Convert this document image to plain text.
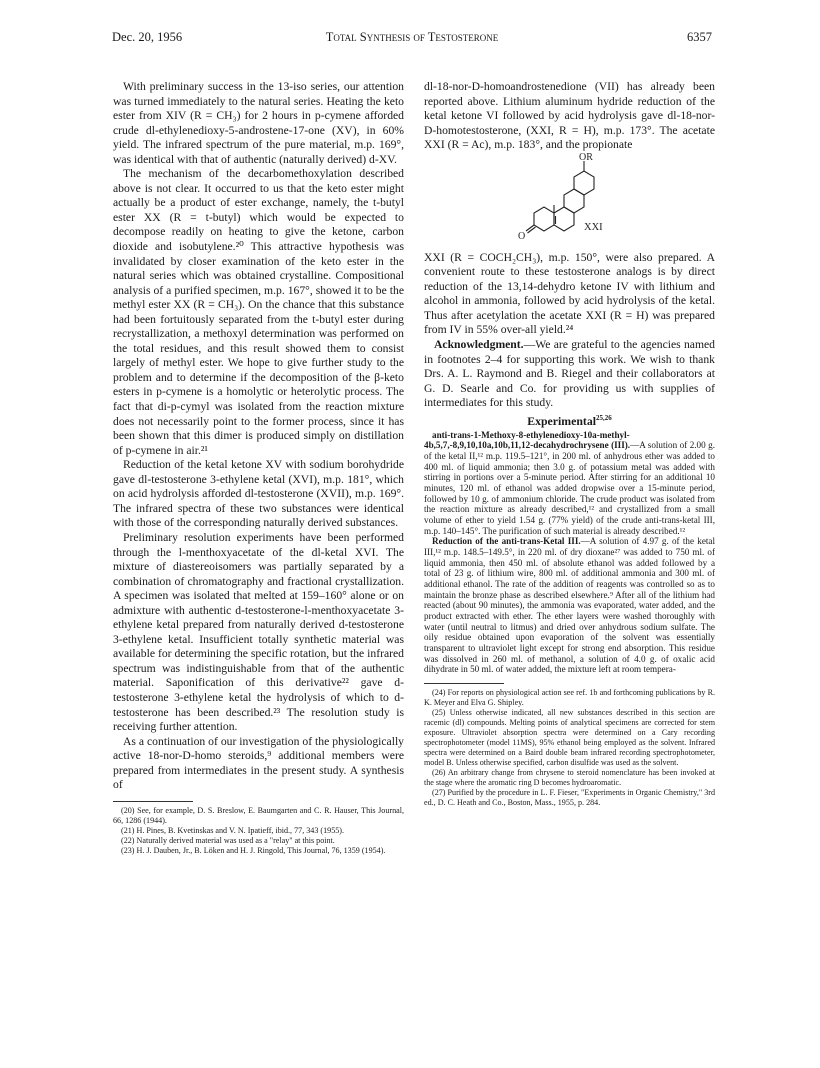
Dec. 20, 1956	Total Synthesis of Testosterone	6357

With preliminary success in the 13-iso series, our attention was turned immediately to the natural series. Heating the keto ester from XIV (R = CH₃) for 2 hours in p-cymene afforded crude dl-ethylenedioxy-5-androstene-17-one (XV), in 60% yield. The infrared spectrum of the pure material, m.p. 169°, was identical with that of authentic (naturally derived) d-XV.

The mechanism of the decarbomethoxylation described above is not clear. It occurred to us that the keto ester might actually be a product of ester exchange, namely, the t-butyl ester XX (R = t-butyl) which would be expected to decompose readily on heating to give the ketone, carbon dioxide and isobutylene.²⁰ This attractive hypothesis was invalidated by closer examination of the keto ester in the natural series which was obtained crystalline. Compositional analysis of a purified specimen, m.p. 167°, showed it to be the methyl ester XX (R = CH₃). On the chance that this substance had been fortuitously separated from the t-butyl ester during recrystallization, a methoxyl determination was performed on the total residues, and this result showed them to consist largely of methyl ester. We hope to give further study to the problem and to determine if the decomposition of the β-keto esters in p-cymene is a homolytic or heterolytic process. The fact that di-p-cymyl was isolated from the reaction mixture does not necessarily point to the former process, since it has been shown that this dimer is produced simply on distillation of p-cymene in air.²¹

Reduction of the ketal ketone XV with sodium borohydride gave dl-testosterone 3-ethylene ketal (XVI), m.p. 181°, which on acid hydrolysis afforded dl-testosterone (XVII), m.p. 169°. The infrared spectra of these two substances were identical with those of the corresponding naturally derived substances.

Preliminary resolution experiments have been performed through the l-menthoxyacetate of the dl-ketal XVI. The mixture of diastereoisomers was partially separated by a combination of chromatography and fractional crystallization. A specimen was isolated that melted at 159–160° alone or on admixture with authentic d-testosterone-l-menthoxyacetate 3-ethylene ketal prepared from naturally derived d-testosterone 3-ethylene ketal. Insufficient totally synthetic material was available for determining the specific rotation, but the infrared spectrum was indistinguishable from that of the authentic material. Saponification of this derivative²² gave d-testosterone 3-ethylene ketal the hydrolysis of which to d-testosterone has been described.²³ The resolution study is receiving further attention.

As a continuation of our investigation of the physiologically active 18-nor-D-homo steroids,⁹ additional members were prepared from intermediates in the present study. A synthesis of

(20) See, for example, D. S. Breslow, E. Baumgarten and C. R. Hauser, This Journal, 66, 1286 (1944).

(21) H. Pines, B. Kvetinskas and V. N. Ipatieff, ibid., 77, 343 (1955).

(22) Naturally derived material was used as a "relay" at this point.

(23) H. J. Dauben, Jr., B. Löken and H. J. Ringold, This Journal, 76, 1359 (1954).

dl-18-nor-D-homoandrostenedione (VII) has already been reported above. Lithium aluminum hydride reduction of the ketal ketone VI followed by acid hydrolysis gave dl-18-nor-D-homotestosterone, (XXI, R = H), m.p. 173°. The acetate XXI (R = Ac), m.p. 183°, and the propionate

OR
O
XXI

XXI (R = COCH₂CH₃), m.p. 150°, were also prepared. A convenient route to these testosterone analogs is by direct reduction of the 13,14-dehydro ketone IV with lithium and alcohol in ammonia, followed by acid hydrolysis of the ketal. Thus after acetylation the acetate XXI (R = H) was prepared from IV in 55% over-all yield.²⁴

Acknowledgment.—We are grateful to the agencies named in footnotes 2–4 for supporting this work. We wish to thank Drs. A. L. Raymond and B. Riegel and their collaborators at G. D. Searle and Co. for providing us with supplies of intermediates for this study.

Experimental$^{25,26}$

anti-trans-1-Methoxy-8-ethylenedioxy-10a-methyl-4b,5,7,-8,9,10,10a,10b,11,12-decahydrochrysene (III).—A solution of 2.00 g. of the ketal II,¹² m.p. 119.5–121°, in 200 ml. of anhydrous ether was added to 400 ml. of liquid ammonia; then 3.0 g. of potassium metal was added with stirring in portions over a 5-minute period. After stirring for an additional 10 minutes, 120 ml. of ethanol was added dropwise over a 15-minute period, followed by 10 g. of ammonium chloride. The crude product was isolated from the reaction mixture as already described,¹² and crystallized from a small volume of ether to yield 1.54 g. (77% yield) of the crude anti-trans-ketal III, m.p. 140–145°. The purification of such material is already described.¹²

Reduction of the anti-trans-Ketal III.—A solution of 4.97 g. of the ketal III,¹² m.p. 148.5–149.5°, in 220 ml. of dry dioxane²⁷ was added to 750 ml. of liquid ammonia, then 450 ml. of absolute ethanol was added followed by a total of 23 g. of lithium wire, 800 ml. of additional ammonia and 300 ml. of additional ethanol. The rate of the addition of reagents was controlled so as to maintain the bronze phase as described elsewhere.⁹ After all of the lithium had reacted (about 90 minutes), the ammonia was evaporated, water added, and the product extracted with ether. The ether layers were washed thoroughly with water (until neutral to litmus) and dried over anhydrous sodium sulfate. The oily residue obtained upon evaporation of the solvent was essentially transparent to ultraviolet light except for strong end absorption. This residue was dissolved in 260 ml. of methanol, a solution of 4.0 g. of oxalic acid dihydrate in 50 ml. of water added, the mixture left at room tempera-

(24) For reports on physiological action see ref. 1b and forthcoming publications by R. K. Meyer and Elva G. Shipley.

(25) Unless otherwise indicated, all new substances described in this section are racemic (dl) compounds. Melting points of analytical specimens are corrected for stem exposure. Ultraviolet absorption spectra were determined on a Cary recording spectrophotometer (model 11MS), 95% ethanol being employed as the solvent. Infrared spectra were determined on a Baird double beam infrared recording spectrophotometer, model B. Unless otherwise specified, carbon disulfide was used as the solvent.

(26) An arbitrary change from chrysene to steroid nomenclature has been invoked at the stage where the aromatic ring D becomes hydroaromatic.

(27) Purified by the procedure in L. F. Fieser, "Experiments in Organic Chemistry," 3rd ed., D. C. Heath and Co., Boston, Mass., 1955, p. 284.
